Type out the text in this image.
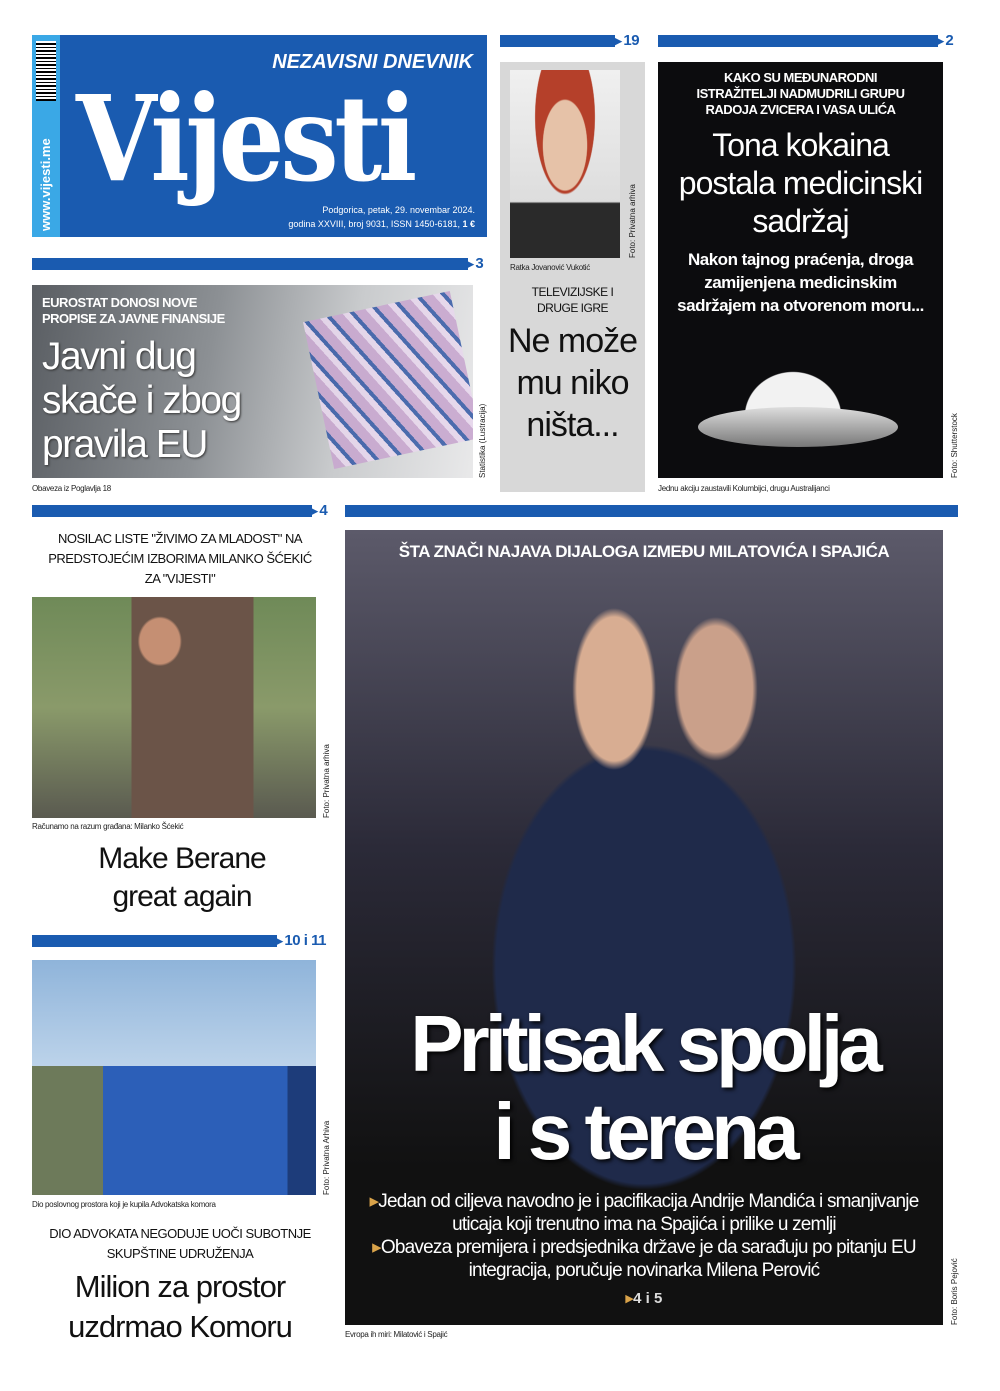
www.vijesti.me
NEZAVISNI DNEVNIK
Vijesti
Podgorica, petak, 29. novembar 2024.
godina XXVIII, broj 9031, ISSN 1450-6181, 1 €
▶ 19	▶ 2
▶ 3
EUROSTAT DONOSI NOVE PROPISE ZA JAVNE FINANSIJE
Javni dug skače i zbog pravila EU	Statistika (Lustracija)
Obaveza iz Poglavlja 18
Foto: Privatna arhiva
Ratka Jovanović Vukotić
TELEVIZIJSKE I DRUGE IGRE
Ne može mu niko ništa...
KAKO SU MEĐUNARODNI ISTRAŽITELJI NADMUDRILI GRUPU RADOJA ZVICERA I VASA ULIĆA
Tona kokaina postala medicinski sadržaj
Nakon tajnog praćenja, droga zamijenjena medicinskim sadržajem na otvorenom moru...
Foto: Shutterstock
Jednu akciju zaustavili Kolumbijci, drugu Australijanci
▶ 4
NOSILAC LISTE "ŽIVIMO ZA MLADOST" NA PREDSTOJEĆIM IZBORIMA MILANKO ŠĆEKIĆ ZA "VIJESTI"
Foto: Privatna arhiva
Računamo na razum građana: Milanko Šćekić
Make Berane
great again
▶ 10 i 11
Foto: Privatna Arhiva
Dio poslovnog prostora koji je kupila Advokatska komora
DIO ADVOKATA NEGODUJE UOČI SUBOTNJE SKUPŠTINE UDRUŽENJA
Milion za prostor
uzdrmao Komoru
ŠTA ZNAČI NAJAVA DIJALOGA IZMEĐU MILATOVIĆA I SPAJIĆA
Pritisak spolja
i s terena
▸Jedan od ciljeva navodno je i pacifikacija Andrije Mandića i smanjivanje uticaja koji trenutno ima na Spajića i prilike u zemlji
▸Obaveza premijera i predsjednika države je da sarađuju po pitanju EU integracija, poručuje novinarka Milena Perović
▸4 i 5	Foto: Boris Pejović
Evropa ih miri: Milatović i Spajić
